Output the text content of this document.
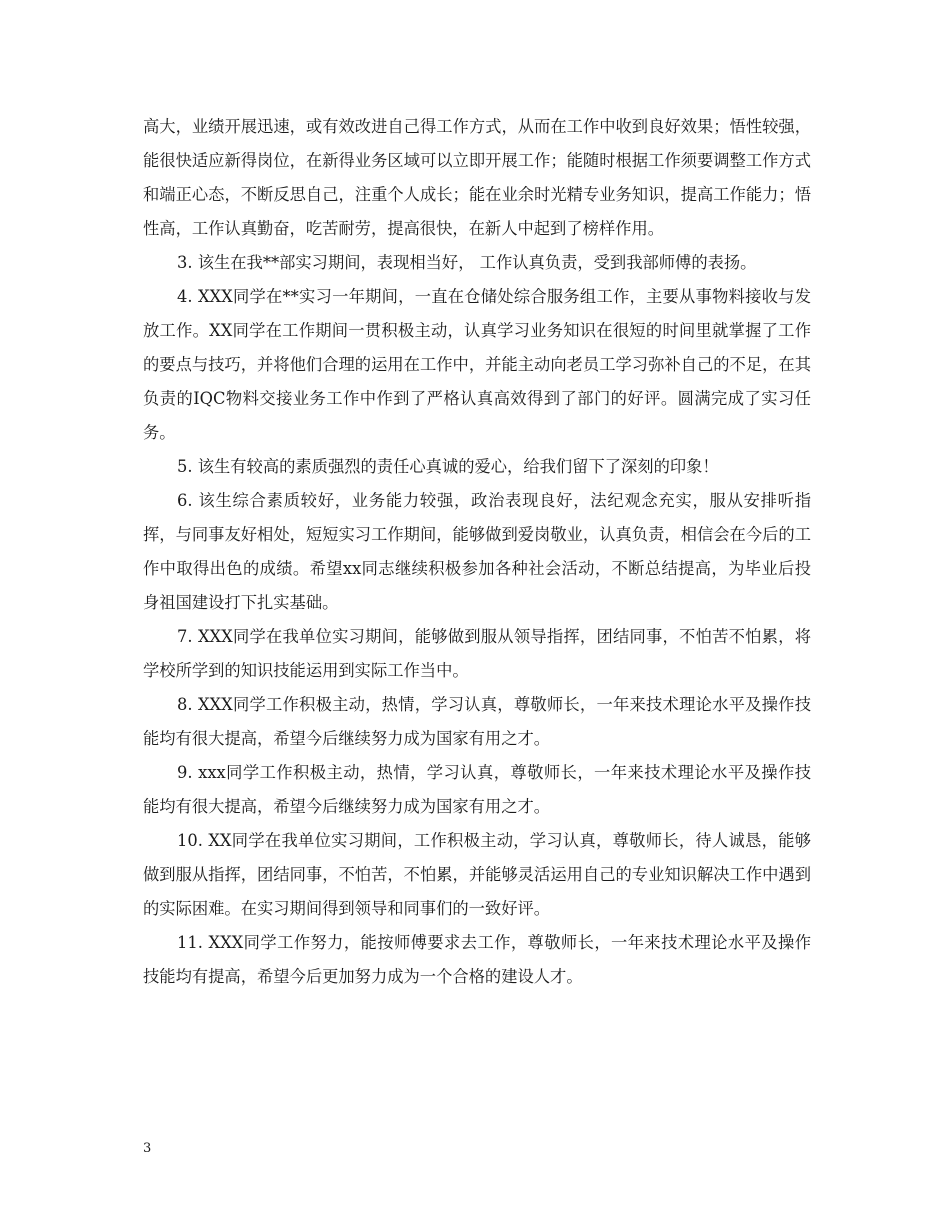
高大，业绩开展迅速，或有效改进自己得工作方式，从而在工作中收到良好效果；悟性较强，能很快适应新得岗位，在新得业务区域可以立即开展工作；能随时根据工作须要调整工作方式和端正心态，不断反思自己，注重个人成长；能在业余时光精专业务知识，提高工作能力；悟性高，工作认真勤奋，吃苦耐劳，提高很快，在新人中起到了榜样作用。

3. 该生在我**部实习期间，表现相当好， 工作认真负责，受到我部师傅的表扬。

4. XXX同学在**实习一年期间，一直在仓储处综合服务组工作，主要从事物料接收与发放工作。XX同学在工作期间一贯积极主动，认真学习业务知识在很短的时间里就掌握了工作的要点与技巧，并将他们合理的运用在工作中，并能主动向老员工学习弥补自己的不足，在其负责的IQC物料交接业务工作中作到了严格认真高效得到了部门的好评。圆满完成了实习任务。

5. 该生有较高的素质强烈的责任心真诚的爱心，给我们留下了深刻的印象！

6. 该生综合素质较好，业务能力较强，政治表现良好，法纪观念充实，服从安排听指挥，与同事友好相处，短短实习工作期间，能够做到爱岗敬业，认真负责，相信会在今后的工作中取得出色的成绩。希望xx同志继续积极参加各种社会活动，不断总结提高，为毕业后投身祖国建设打下扎实基础。

7. XXX同学在我单位实习期间，能够做到服从领导指挥，团结同事，不怕苦不怕累，将学校所学到的知识技能运用到实际工作当中。

8. XXX同学工作积极主动，热情，学习认真，尊敬师长，一年来技术理论水平及操作技能均有很大提高，希望今后继续努力成为国家有用之才。

9. xxx同学工作积极主动，热情，学习认真，尊敬师长，一年来技术理论水平及操作技能均有很大提高，希望今后继续努力成为国家有用之才。

10. XX同学在我单位实习期间，工作积极主动，学习认真，尊敬师长，待人诚恳，能够做到服从指挥，团结同事，不怕苦，不怕累，并能够灵活运用自己的专业知识解决工作中遇到的实际困难。在实习期间得到领导和同事们的一致好评。

11. XXX同学工作努力，能按师傅要求去工作，尊敬师长，一年来技术理论水平及操作技能均有提高，希望今后更加努力成为一个合格的建设人才。

3
